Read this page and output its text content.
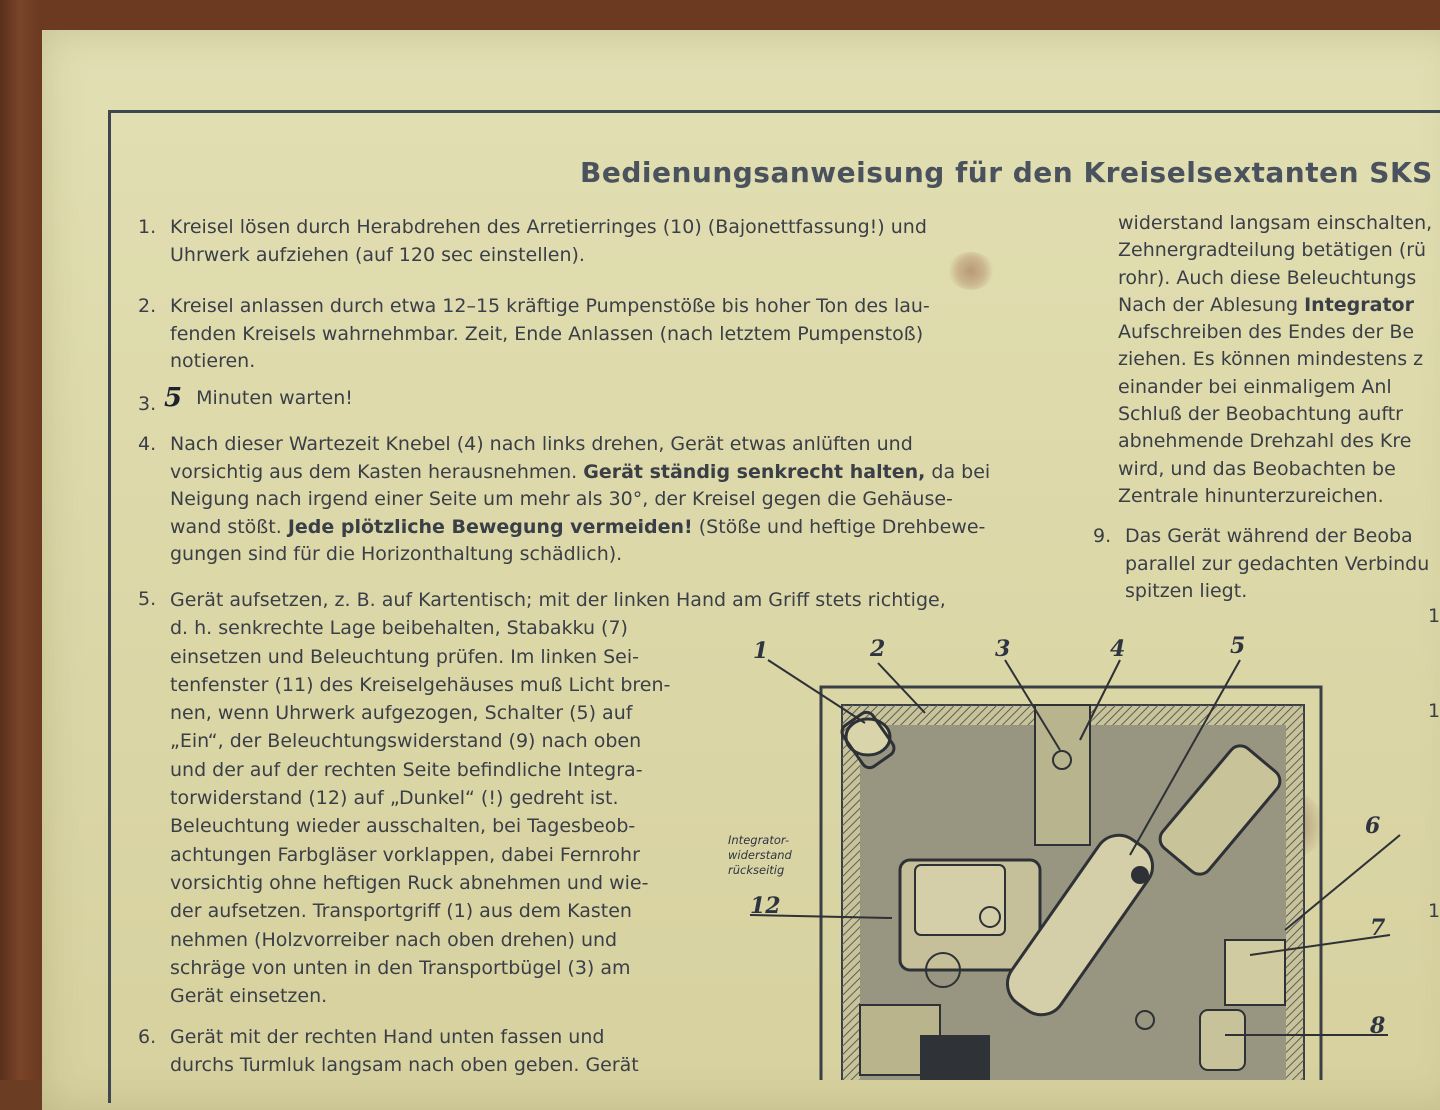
Bedienungsanweisung für den Kreiselsextanten SKS
1. Kreisel lösen durch Herabdrehen des Arretierringes (10) (Bajonettfassung!) und
Uhrwerk aufziehen (auf 120 sec einstellen).
2. Kreisel anlassen durch etwa 12–15 kräftige Pumpenstöße bis hoher Ton des lau-
fenden Kreisels wahrnehmbar. Zeit, Ende Anlassen (nach letztem Pumpenstoß)
notieren.
3. 5 Minuten warten!
4. Nach dieser Wartezeit Knebel (4) nach links drehen, Gerät etwas anlüften und
vorsichtig aus dem Kasten herausnehmen. Gerät ständig senkrecht halten, da bei
Neigung nach irgend einer Seite um mehr als 30°, der Kreisel gegen die Gehäuse-
wand stößt. Jede plötzliche Bewegung vermeiden! (Stöße und heftige Drehbewe-
gungen sind für die Horizonthaltung schädlich).
5. Gerät aufsetzen, z. B. auf Kartentisch; mit der linken Hand am Griff stets richtige,
d. h. senkrechte Lage beibehalten, Stabakku (7)
einsetzen und Beleuchtung prüfen. Im linken Sei-
tenfenster (11) des Kreiselgehäuses muß Licht bren-
nen, wenn Uhrwerk aufgezogen, Schalter (5) auf
„Ein“, der Beleuchtungswiderstand (9) nach oben
und der auf der rechten Seite befindliche Integra-
torwiderstand (12) auf „Dunkel“ (!) gedreht ist.
Beleuchtung wieder ausschalten, bei Tagesbeob-
achtungen Farbgläser vorklappen, dabei Fernrohr
vorsichtig ohne heftigen Ruck abnehmen und wie-
der aufsetzen. Transportgriff (1) aus dem Kasten
nehmen (Holzvorreiber nach oben drehen) und
schräge von unten in den Transportbügel (3) am
Gerät einsetzen.
6. Gerät mit der rechten Hand unten fassen und
durchs Turmluk langsam nach oben geben. Gerät
widerstand langsam einschalten,
Zehnergradteilung betätigen (rü
rohr). Auch diese Beleuchtungs
Nach der Ablesung Integrator
Aufschreiben des Endes der Be
ziehen. Es können mindestens z
einander bei einmaligem Anl
Schluß der Beobachtung auftr
abnehmende Drehzahl des Kre
wird, und das Beobachten be
Zentrale hinunterzureichen.
9. Das Gerät während der Beoba
parallel zur gedachten Verbindu
spitzen liegt.
1
1
1
Integrator-
widerstand
rückseitig
1	2	3	4	5
6
7
8
12
